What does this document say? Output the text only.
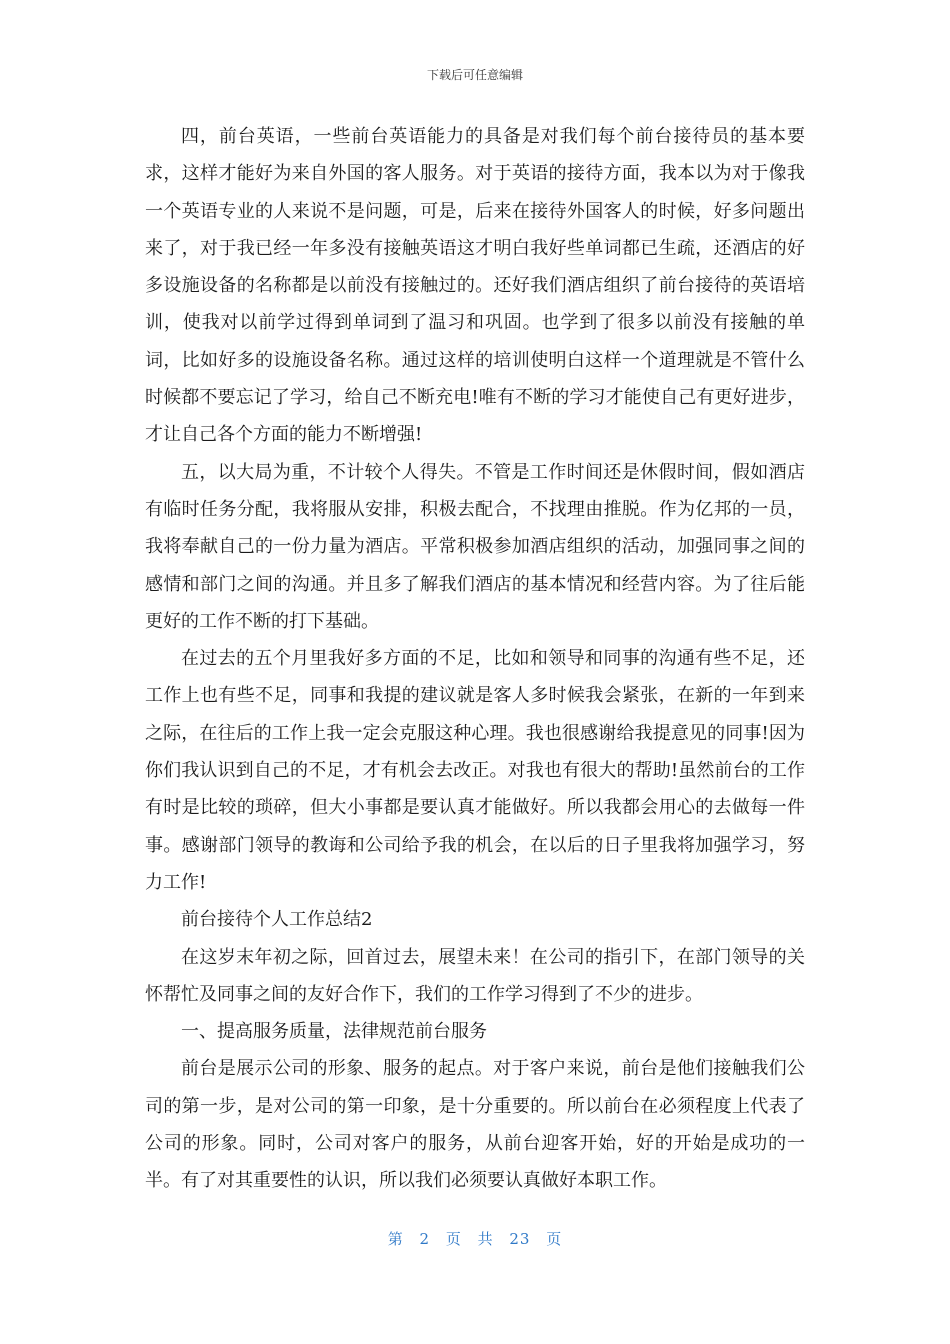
下载后可任意编辑

四，前台英语，一些前台英语能力的具备是对我们每个前台接待员的基本要求，这样才能好为来自外国的客人服务。对于英语的接待方面，我本以为对于像我一个英语专业的人来说不是问题，可是，后来在接待外国客人的时候，好多问题出来了，对于我已经一年多没有接触英语这才明白我好些单词都已生疏，还酒店的好多设施设备的名称都是以前没有接触过的。还好我们酒店组织了前台接待的英语培训，使我对以前学过得到单词到了温习和巩固。也学到了很多以前没有接触的单词，比如好多的设施设备名称。通过这样的培训使明白这样一个道理就是不管什么时候都不要忘记了学习，给自己不断充电!唯有不断的学习才能使自己有更好进步，才让自己各个方面的能力不断增强!

五，以大局为重，不计较个人得失。不管是工作时间还是休假时间，假如酒店有临时任务分配，我将服从安排，积极去配合，不找理由推脱。作为亿邦的一员，我将奉献自己的一份力量为酒店。平常积极参加酒店组织的活动，加强同事之间的感情和部门之间的沟通。并且多了解我们酒店的基本情况和经营内容。为了往后能更好的工作不断的打下基础。

在过去的五个月里我好多方面的不足，比如和领导和同事的沟通有些不足，还工作上也有些不足，同事和我提的建议就是客人多时候我会紧张，在新的一年到来之际，在往后的工作上我一定会克服这种心理。我也很感谢给我提意见的同事!因为你们我认识到自己的不足，才有机会去改正。对我也有很大的帮助!虽然前台的工作有时是比较的琐碎，但大小事都是要认真才能做好。所以我都会用心的去做每一件事。感谢部门领导的教诲和公司给予我的机会，在以后的日子里我将加强学习，努力工作!

前台接待个人工作总结2

在这岁末年初之际，回首过去，展望未来！在公司的指引下，在部门领导的关怀帮忙及同事之间的友好合作下，我们的工作学习得到了不少的进步。

一、提高服务质量，法律规范前台服务

前台是展示公司的形象、服务的起点。对于客户来说，前台是他们接触我们公司的第一步，是对公司的第一印象，是十分重要的。所以前台在必须程度上代表了公司的形象。同时，公司对客户的服务，从前台迎客开始，好的开始是成功的一半。有了对其重要性的认识，所以我们必须要认真做好本职工作。

第 2 页 共 23 页
